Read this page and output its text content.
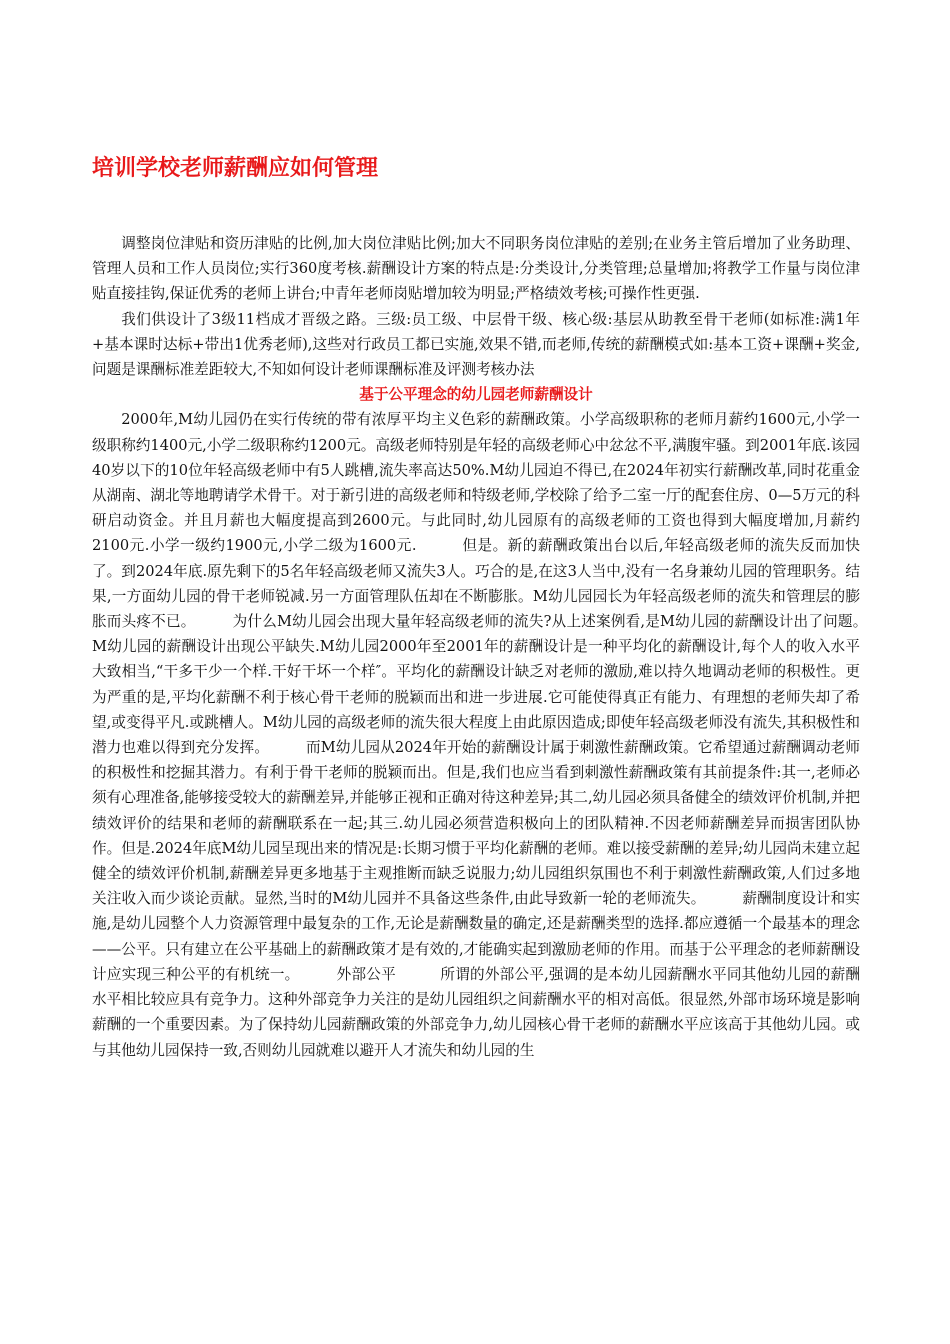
培训学校老师薪酬应如何管理

调整岗位津贴和资历津贴的比例,加大岗位津贴比例;加大不同职务岗位津贴的差别;在业务主管后增加了业务助理、管理人员和工作人员岗位;实行360度考核.薪酬设计方案的特点是:分类设计,分类管理;总量增加;将教学工作量与岗位津贴直接挂钩,保证优秀的老师上讲台;中青年老师岗贴增加较为明显;严格绩效考核;可操作性更强.

我们供设计了3级11档成才晋级之路。三级:员工级、中层骨干级、核心级:基层从助教至骨干老师(如标准:满1年+基本课时达标+带出1优秀老师),这些对行政员工都已实施,效果不错,而老师,传统的薪酬模式如:基本工资+课酬+奖金,问题是课酬标准差距较大,不知如何设计老师课酬标准及评测考核办法

基于公平理念的幼儿园老师薪酬设计

2000年,M幼儿园仍在实行传统的带有浓厚平均主义色彩的薪酬政策。小学高级职称的老师月薪约1600元,小学一级职称约1400元,小学二级职称约1200元。高级老师特别是年轻的高级老师心中忿忿不平,满腹牢骚。到2001年底.该园40岁以下的10位年轻高级老师中有5人跳槽,流失率高达50%.M幼儿园迫不得已,在2024年初实行薪酬改革,同时花重金从湖南、湖北等地聘请学术骨干。对于新引进的高级老师和特级老师,学校除了给予二室一厅的配套住房、0—5万元的科研启动资金。并且月薪也大幅度提高到2600元。与此同时,幼儿园原有的高级老师的工资也得到大幅度增加,月薪约2100元.小学一级约1900元,小学二级为1600元.　　　但是。新的薪酬政策出台以后,年轻高级老师的流失反而加快了。到2024年底.原先剩下的5名年轻高级老师又流失3人。巧合的是,在这3人当中,没有一名身兼幼儿园的管理职务。结果,一方面幼儿园的骨干老师锐减.另一方面管理队伍却在不断膨胀。M幼儿园园长为年轻高级老师的流失和管理层的膨胀而头疼不已。　　　为什么M幼儿园会出现大量年轻高级老师的流失?从上述案例看,是M幼儿园的薪酬设计出了问题。　　　M幼儿园的薪酬设计出现公平缺失.M幼儿园2000年至2001年的薪酬设计是一种平均化的薪酬设计,每个人的收入水平大致相当,“干多干少一个样.干好干坏一个样″。平均化的薪酬设计缺乏对老师的激励,难以持久地调动老师的积极性。更为严重的是,平均化薪酬不利于核心骨干老师的脱颖而出和进一步进展.它可能使得真正有能力、有理想的老师失却了希望,或变得平凡.或跳槽人。M幼儿园的高级老师的流失很大程度上由此原因造成;即使年轻高级老师没有流失,其积极性和潜力也难以得到充分发挥。　　　而M幼儿园从2024年开始的薪酬设计属于刺激性薪酬政策。它希望通过薪酬调动老师的积极性和挖掘其潜力。有利于骨干老师的脱颖而出。但是,我们也应当看到刺激性薪酬政策有其前提条件:其一,老师必须有心理准备,能够接受较大的薪酬差异,并能够正视和正确对待这种差异;其二,幼儿园必须具备健全的绩效评价机制,并把绩效评价的结果和老师的薪酬联系在一起;其三.幼儿园必须营造积极向上的团队精神.不因老师薪酬差异而损害团队协作。但是.2024年底M幼儿园呈现出来的情况是:长期习惯于平均化薪酬的老师。难以接受薪酬的差异;幼儿园尚未建立起健全的绩效评价机制,薪酬差异更多地基于主观推断而缺乏说服力;幼儿园组织氛围也不利于刺激性薪酬政策,人们过多地关注收入而少谈论贡献。显然,当时的M幼儿园并不具备这些条件,由此导致新一轮的老师流失。　　　薪酬制度设计和实施,是幼儿园整个人力资源管理中最复杂的工作,无论是薪酬数量的确定,还是薪酬类型的选择.都应遵循一个最基本的理念——公平。只有建立在公平基础上的薪酬政策才是有效的,才能确实起到激励老师的作用。而基于公平理念的老师薪酬设计应实现三种公平的有机统一。　　　外部公平　　　所谓的外部公平,强调的是本幼儿园薪酬水平同其他幼儿园的薪酬水平相比较应具有竞争力。这种外部竞争力关注的是幼儿园组织之间薪酬水平的相对高低。很显然,外部市场环境是影响薪酬的一个重要因素。为了保持幼儿园薪酬政策的外部竞争力,幼儿园核心骨干老师的薪酬水平应该高于其他幼儿园。或与其他幼儿园保持一致,否则幼儿园就难以避开人才流失和幼儿园的生
